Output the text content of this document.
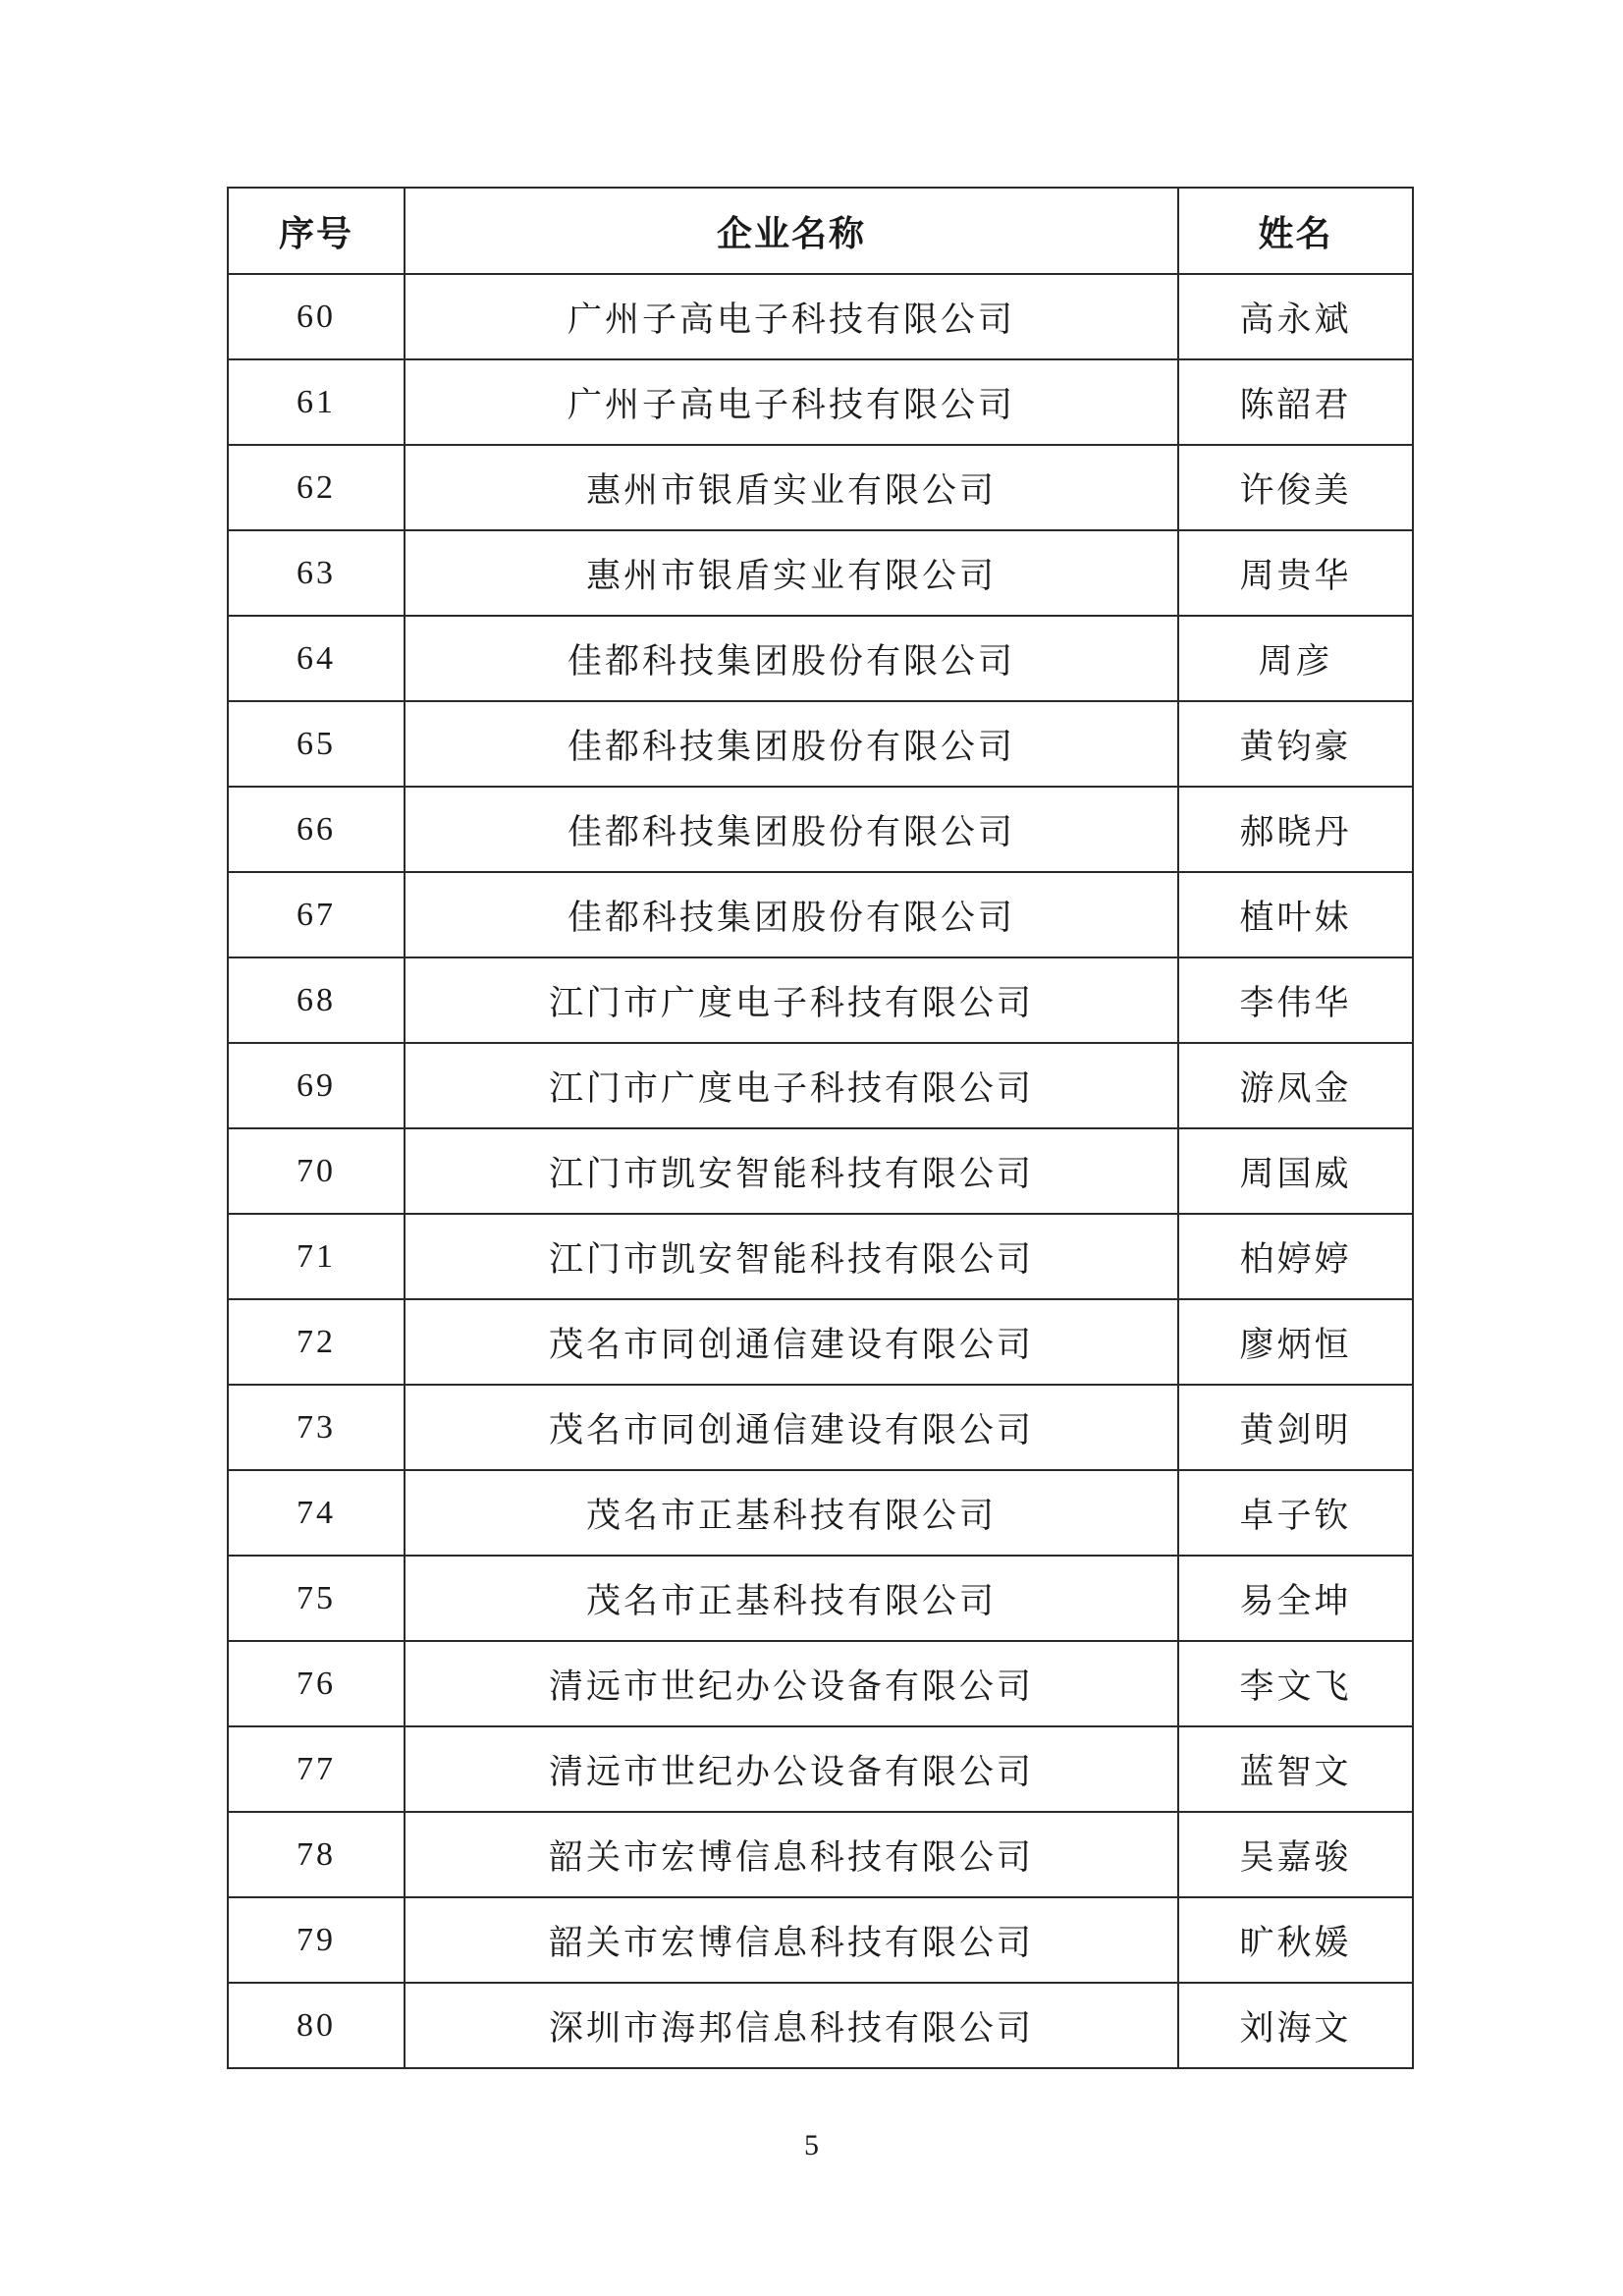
序号	企业名称	姓名
60	广州子高电子科技有限公司	高永斌
61	广州子高电子科技有限公司	陈韶君
62	惠州市银盾实业有限公司	许俊美
63	惠州市银盾实业有限公司	周贵华
64	佳都科技集团股份有限公司	周彦
65	佳都科技集团股份有限公司	黄钧豪
66	佳都科技集团股份有限公司	郝晓丹
67	佳都科技集团股份有限公司	植叶妹
68	江门市广度电子科技有限公司	李伟华
69	江门市广度电子科技有限公司	游凤金
70	江门市凯安智能科技有限公司	周国威
71	江门市凯安智能科技有限公司	柏婷婷
72	茂名市同创通信建设有限公司	廖炳恒
73	茂名市同创通信建设有限公司	黄剑明
74	茂名市正基科技有限公司	卓子钦
75	茂名市正基科技有限公司	易全坤
76	清远市世纪办公设备有限公司	李文飞
77	清远市世纪办公设备有限公司	蓝智文
78	韶关市宏博信息科技有限公司	吴嘉骏
79	韶关市宏博信息科技有限公司	旷秋媛
80	深圳市海邦信息科技有限公司	刘海文
5
